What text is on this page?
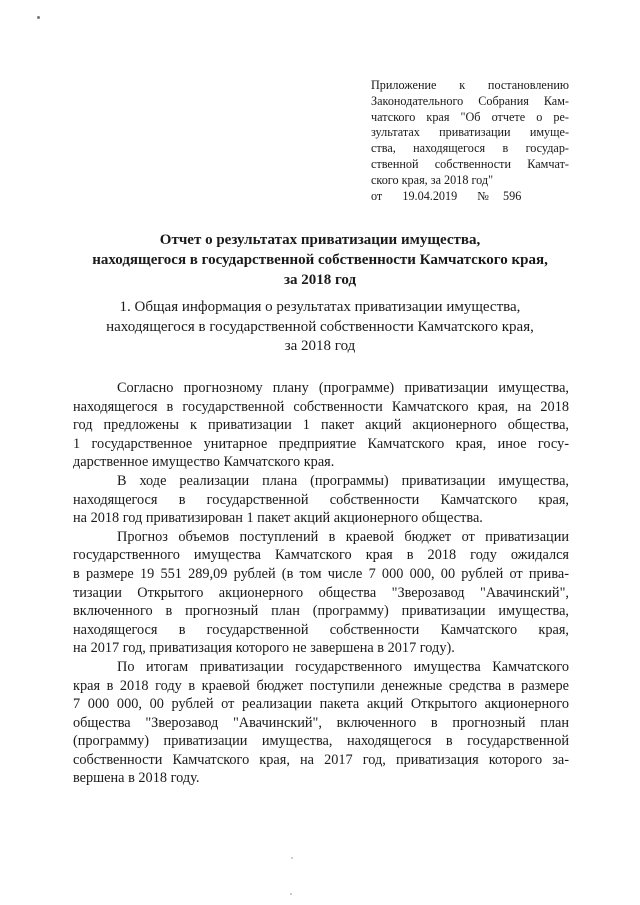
Приложение к постановлению
Законодательного Собрания Кам-
чатского края "Об отчете о ре-
зультатах приватизации имуще-
ства, находящегося в государ-
ственной собственности Камчат-
ского края, за 2018 год"
от 19.04.2019 № 596
Отчет о результатах приватизации имущества,
находящегося в государственной собственности Камчатского края,
за 2018 год
1. Общая информация о результатах приватизации имущества,
находящегося в государственной собственности Камчатского края,
за 2018 год
Согласно прогнозному плану (программе) приватизации имущества,
находящегося в государственной собственности Камчатского края, на 2018
год предложены к приватизации 1 пакет акций акционерного общества,
1 государственное унитарное предприятие Камчатского края, иное госу-
дарственное имущество Камчатского края.
В ходе реализации плана (программы) приватизации имущества,
находящегося в государственной собственности Камчатского края,
на 2018 год приватизирован 1 пакет акций акционерного общества.
Прогноз объемов поступлений в краевой бюджет от приватизации
государственного имущества Камчатского края в 2018 году ожидался
в размере 19 551 289,09 рублей (в том числе 7 000 000, 00 рублей от прива-
тизации Открытого акционерного общества "Зверозавод "Авачинский",
включенного в прогнозный план (программу) приватизации имущества,
находящегося в государственной собственности Камчатского края,
на 2017 год, приватизация которого не завершена в 2017 году).
По итогам приватизации государственного имущества Камчатского
края в 2018 году в краевой бюджет поступили денежные средства в размере
7 000 000, 00 рублей от реализации пакета акций Открытого акционерного
общества "Зверозавод "Авачинский", включенного в прогнозный план
(программу) приватизации имущества, находящегося в государственной
собственности Камчатского края, на 2017 год, приватизация которого за-
вершена в 2018 году.
